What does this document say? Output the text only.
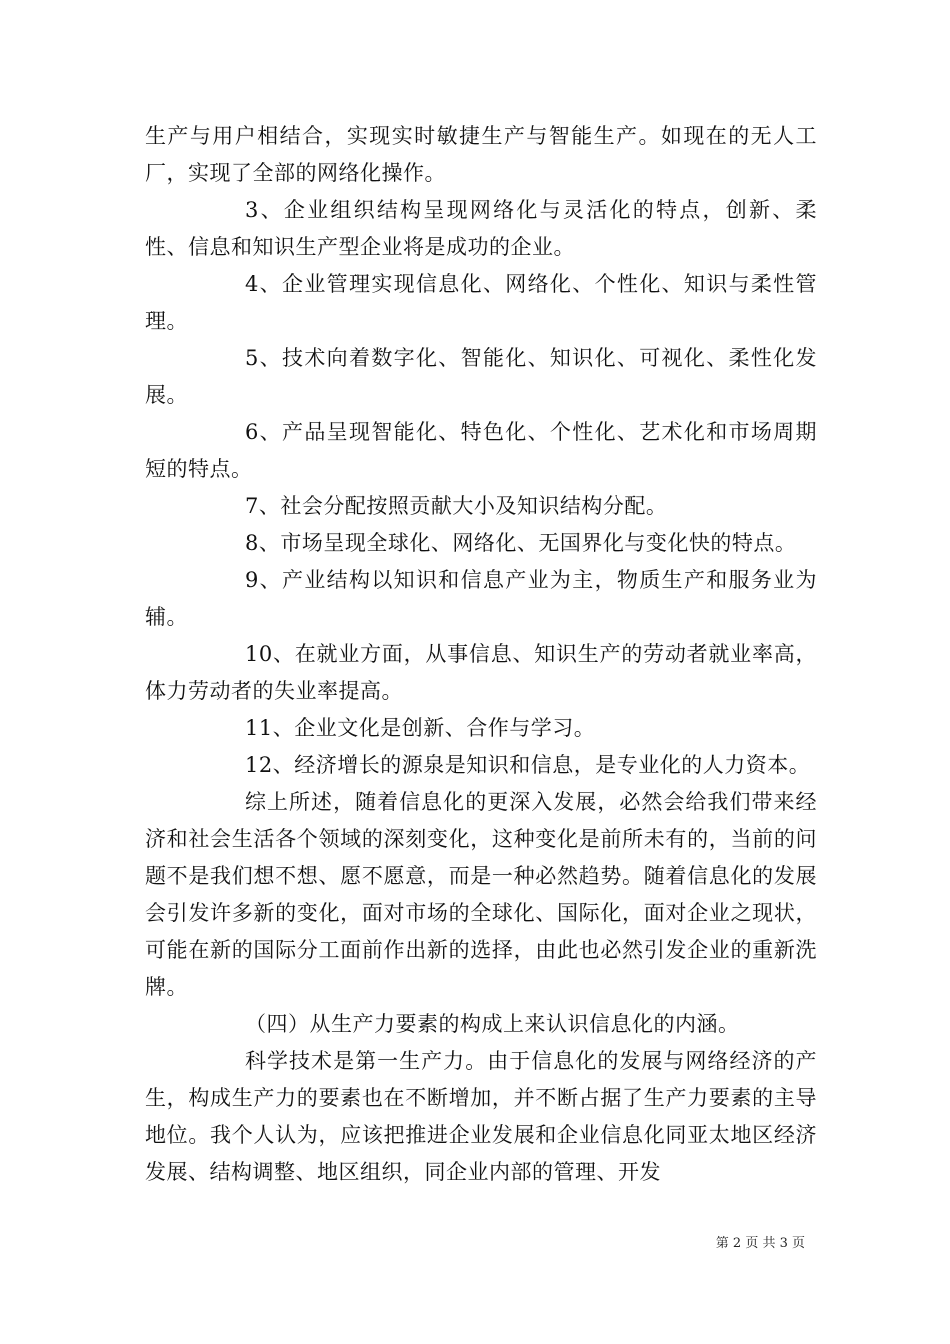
生产与用户相结合，实现实时敏捷生产与智能生产。如现在的无人工厂，实现了全部的网络化操作。

3、企业组织结构呈现网络化与灵活化的特点，创新、柔性、信息和知识生产型企业将是成功的企业。

4、企业管理实现信息化、网络化、个性化、知识与柔性管理。

5、技术向着数字化、智能化、知识化、可视化、柔性化发展。

6、产品呈现智能化、特色化、个性化、艺术化和市场周期短的特点。

7、社会分配按照贡献大小及知识结构分配。

8、市场呈现全球化、网络化、无国界化与变化快的特点。

9、产业结构以知识和信息产业为主，物质生产和服务业为辅。

10、在就业方面，从事信息、知识生产的劳动者就业率高，体力劳动者的失业率提高。

11、企业文化是创新、合作与学习。

12、经济增长的源泉是知识和信息，是专业化的人力资本。

综上所述，随着信息化的更深入发展，必然会给我们带来经济和社会生活各个领域的深刻变化，这种变化是前所未有的，当前的问题不是我们想不想、愿不愿意，而是一种必然趋势。随着信息化的发展会引发许多新的变化，面对市场的全球化、国际化，面对企业之现状，可能在新的国际分工面前作出新的选择，由此也必然引发企业的重新洗牌。

（四）从生产力要素的构成上来认识信息化的内涵。

科学技术是第一生产力。由于信息化的发展与网络经济的产生，构成生产力的要素也在不断增加，并不断占据了生产力要素的主导地位。我个人认为，应该把推进企业发展和企业信息化同亚太地区经济发展、结构调整、地区组织，同企业内部的管理、开发

第 2 页 共 3 页
